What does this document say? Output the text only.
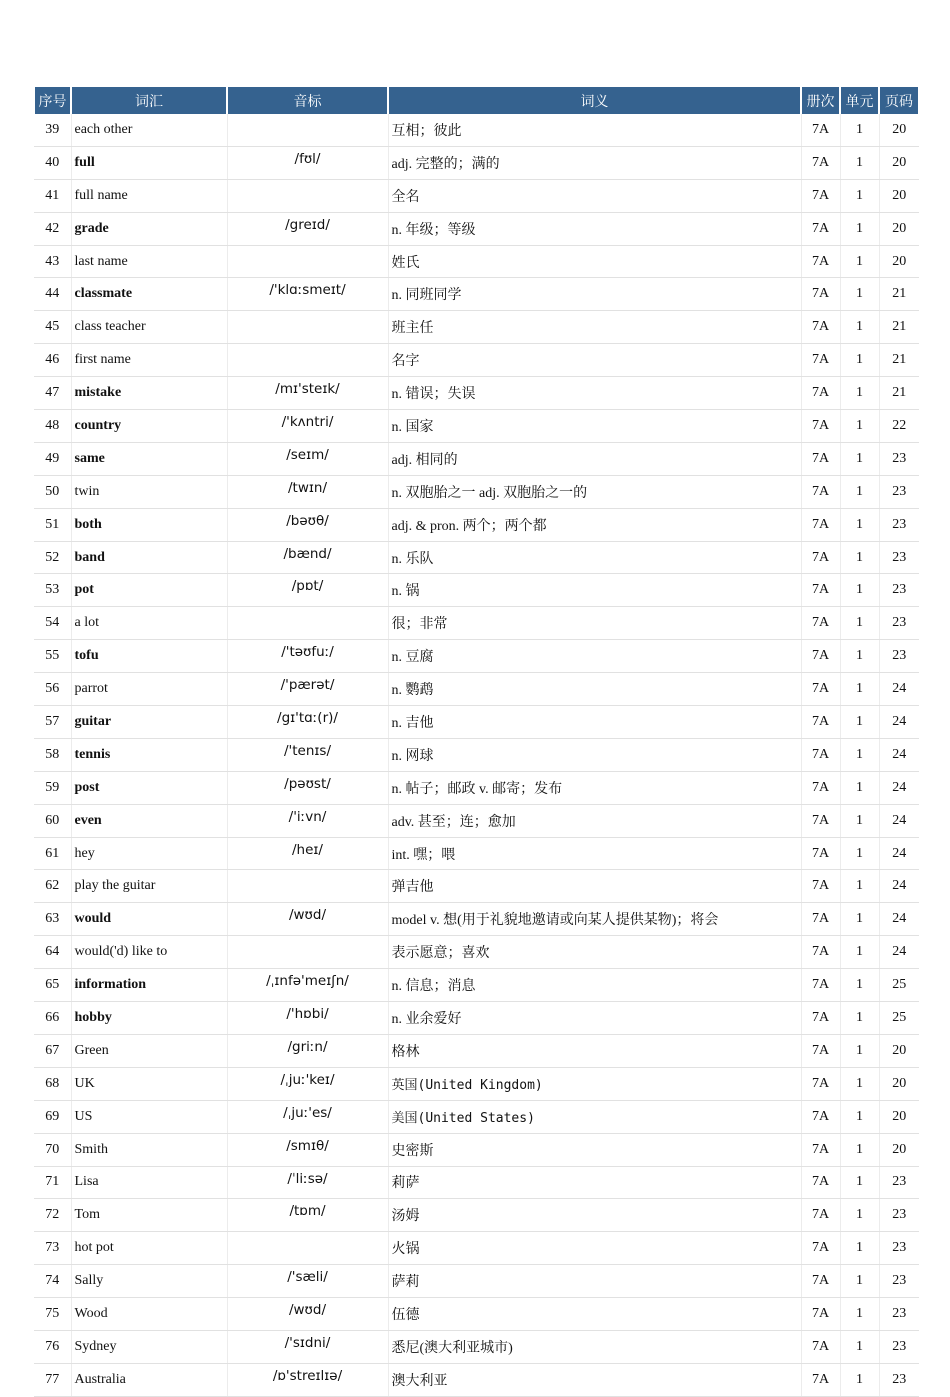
序号	词汇	音标	词义	册次	单元	页码
39	each other		互相；彼此	7A	1	20
40	full	/fʊl/	adj. 完整的；满的	7A	1	20
41	full name		全名	7A	1	20
42	grade	/greɪd/	n. 年级；等级	7A	1	20
43	last name		姓氏	7A	1	20
44	classmate	/'klɑːsmeɪt/	n. 同班同学	7A	1	21
45	class teacher		班主任	7A	1	21
46	first name		名字	7A	1	21
47	mistake	/mɪ'steɪk/	n. 错误；失误	7A	1	21
48	country	/'kʌntri/	n. 国家	7A	1	22
49	same	/seɪm/	adj. 相同的	7A	1	23
50	twin	/twɪn/	n. 双胞胎之一 adj. 双胞胎之一的	7A	1	23
51	both	/bəʊθ/	adj. & pron. 两个；两个都	7A	1	23
52	band	/bænd/	n. 乐队	7A	1	23
53	pot	/pɒt/	n. 锅	7A	1	23
54	a lot		很；非常	7A	1	23
55	tofu	/'təʊfuː/	n. 豆腐	7A	1	23
56	parrot	/'pærət/	n. 鹦鹉	7A	1	24
57	guitar	/gɪ'tɑː(r)/	n. 吉他	7A	1	24
58	tennis	/'tenɪs/	n. 网球	7A	1	24
59	post	/pəʊst/	n. 帖子；邮政 v. 邮寄；发布	7A	1	24
60	even	/'iːvn/	adv. 甚至；连；愈加	7A	1	24
61	hey	/heɪ/	int. 嘿；喂	7A	1	24
62	play the guitar		弹吉他	7A	1	24
63	would	/wʊd/	model v. 想(用于礼貌地邀请或向某人提供某物)；将会	7A	1	24
64	would('d) like to		表示愿意；喜欢	7A	1	24
65	information	/ˌɪnfə'meɪʃn/	n. 信息；消息	7A	1	25
66	hobby	/'hɒbi/	n. 业余爱好	7A	1	25
67	Green	/griːn/	格林	7A	1	20
68	UK	/ˌjuː'keɪ/	英国(United Kingdom)	7A	1	20
69	US	/ˌjuː'es/	美国(United States)	7A	1	20
70	Smith	/smɪθ/	史密斯	7A	1	20
71	Lisa	/ˈliːsə/	莉萨	7A	1	23
72	Tom	/tɒm/	汤姆	7A	1	23
73	hot pot		火锅	7A	1	23
74	Sally	/'sæli/	萨莉	7A	1	23
75	Wood	/wʊd/	伍德	7A	1	23
76	Sydney	/'sɪdni/	悉尼(澳大利亚城市)	7A	1	23
77	Australia	/ɒ'streɪlɪə/	澳大利亚	7A	1	23
